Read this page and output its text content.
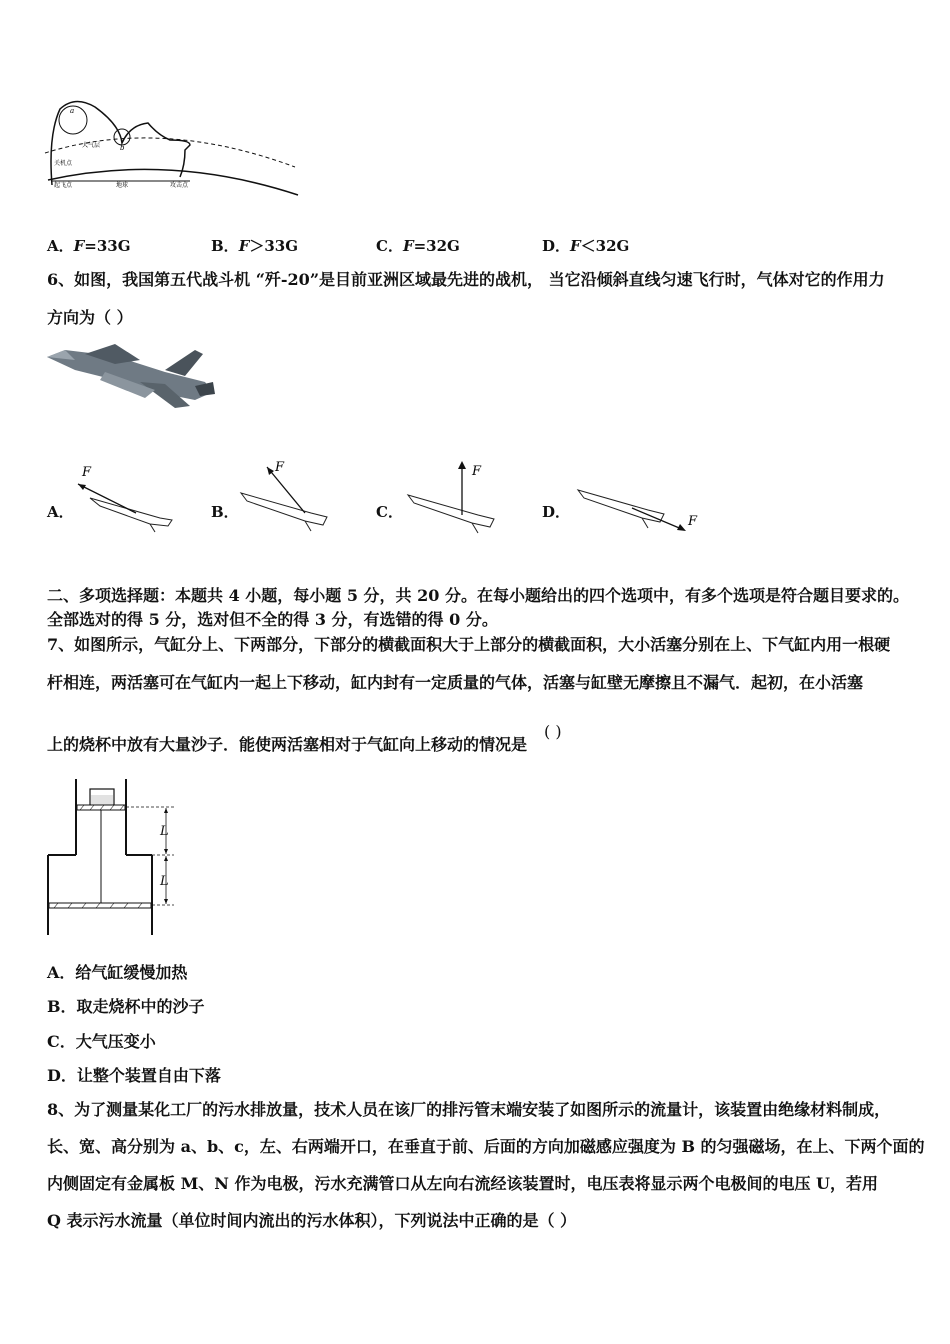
大气层
关机点
起飞点	地球	攻击点
a
b
A．F=33G	B．F＞33G	C．F=32G	D．F＜32G
6、如图，我国第五代战斗机 “歼-20”是目前亚洲区域最先进的战机， 当它沿倾斜直线匀速飞行时，气体对它的作用力
方向为（ ）
A．
F
B．
F
C．
F
D．
F
二、多项选择题：本题共 4 小题，每小题 5 分，共 20 分。在每小题给出的四个选项中，有多个选项是符合题目要求的。
全部选对的得 5 分，选对但不全的得 3 分，有选错的得 0 分。
7、如图所示，气缸分上、下两部分，下部分的横截面积大于上部分的横截面积，大小活塞分别在上、下气缸内用一根硬
杆相连，两活塞可在气缸内一起上下移动，缸内封有一定质量的气体，活塞与缸壁无摩擦且不漏气．起初，在小活塞
上的烧杯中放有大量沙子．能使两活塞相对于气缸向上移动的情况是
( )
L
L
A．给气缸缓慢加热
B．取走烧杯中的沙子
C．大气压变小
D．让整个装置自由下落
8、为了测量某化工厂的污水排放量，技术人员在该厂的排污管末端安装了如图所示的流量计，该装置由绝缘材料制成，
长、宽、高分别为 a、b、c，左、右两端开口，在垂直于前、后面的方向加磁感应强度为 B 的匀强磁场，在上、下两个面的
内侧固定有金属板 M、N 作为电极，污水充满管口从左向右流经该装置时，电压表将显示两个电极间的电压 U，若用
Q 表示污水流量（单位时间内流出的污水体积），下列说法中正确的是（ ）
